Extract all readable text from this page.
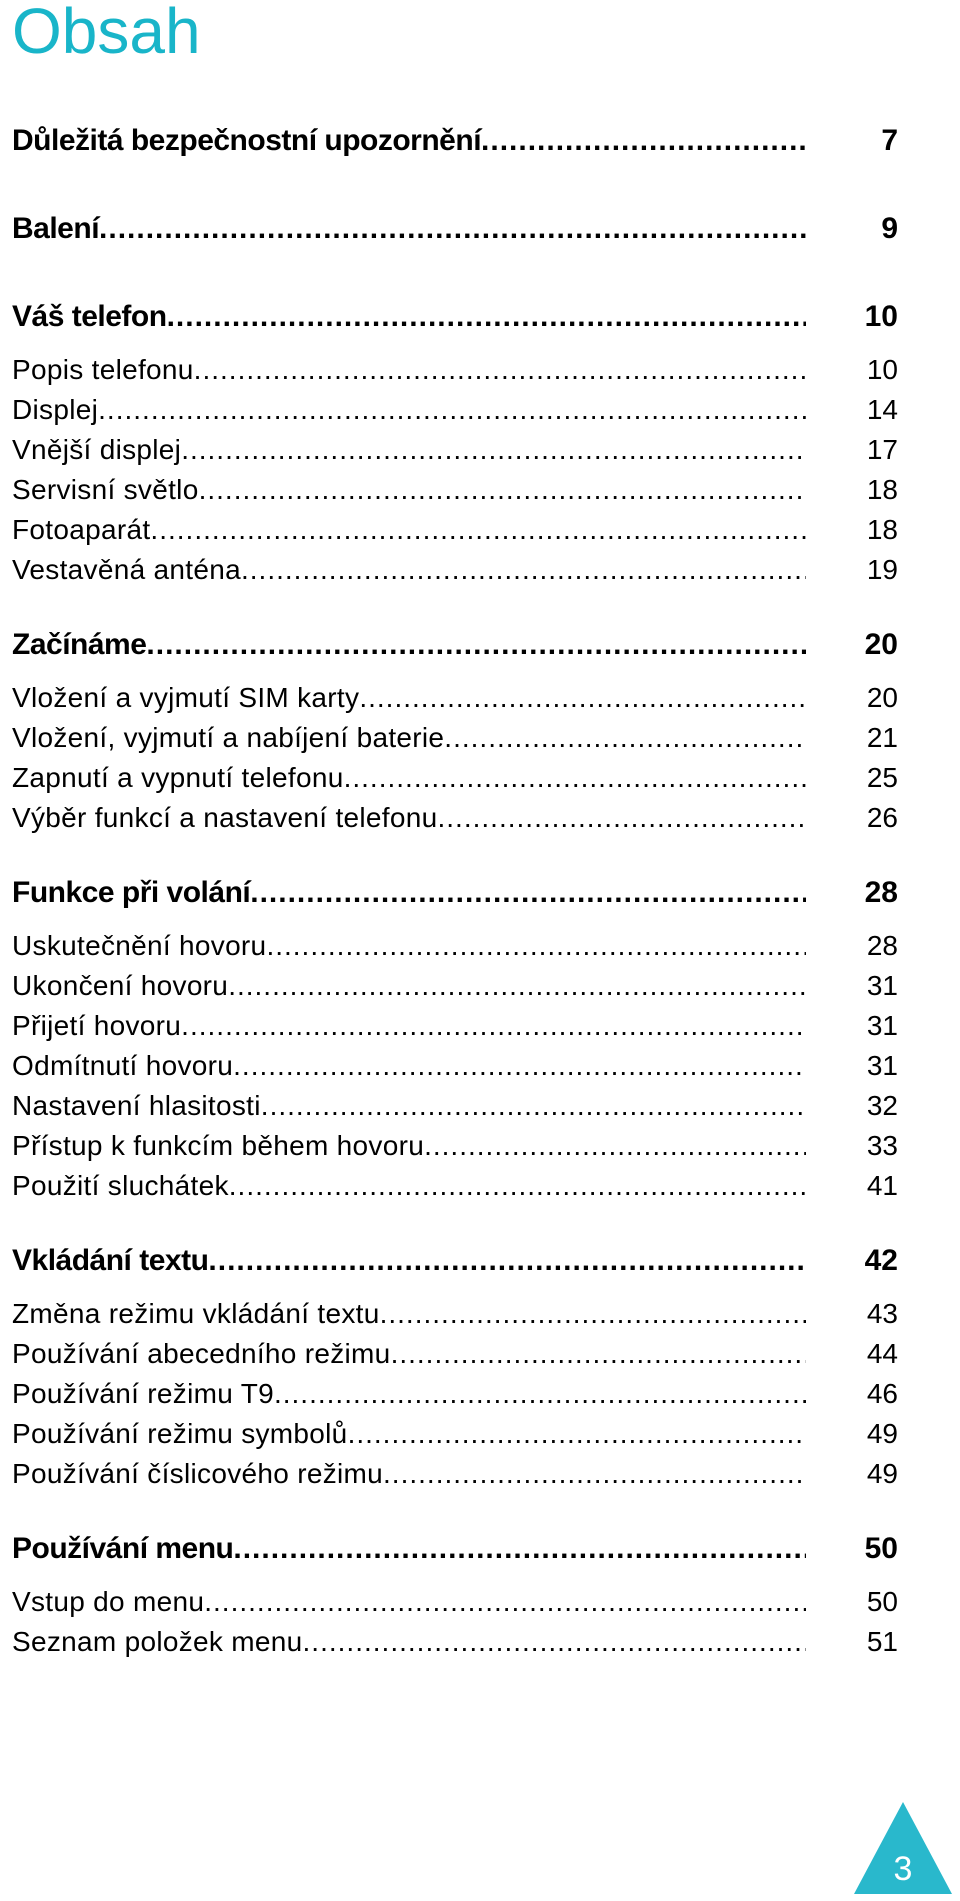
Obsah
Důležitá bezpečnostní upozornění .....	7
Balení .....	9
Váš telefon .....	10
Popis telefonu .....	10
Displej .....	14
Vnější displej .....	17
Servisní světlo .....	18
Fotoaparát .....	18
Vestavěná anténa .....	19
Začínáme .....	20
Vložení a vyjmutí SIM karty .....	20
Vložení, vyjmutí a nabíjení baterie .....	21
Zapnutí a vypnutí telefonu .....	25
Výběr funkcí a nastavení telefonu .....	26
Funkce při volání .....	28
Uskutečnění hovoru .....	28
Ukončení hovoru .....	31
Přijetí hovoru .....	31
Odmítnutí hovoru .....	31
Nastavení hlasitosti .....	32
Přístup k funkcím během hovoru .....	33
Použití sluchátek .....	41
Vkládání textu .....	42
Změna režimu vkládání textu .....	43
Používání abecedního režimu .....	44
Používání režimu T9 .....	46
Používání režimu symbolů .....	49
Používání číslicového režimu .....	49
Používání menu .....	50
Vstup do menu .....	50
Seznam položek menu .....	51
3
